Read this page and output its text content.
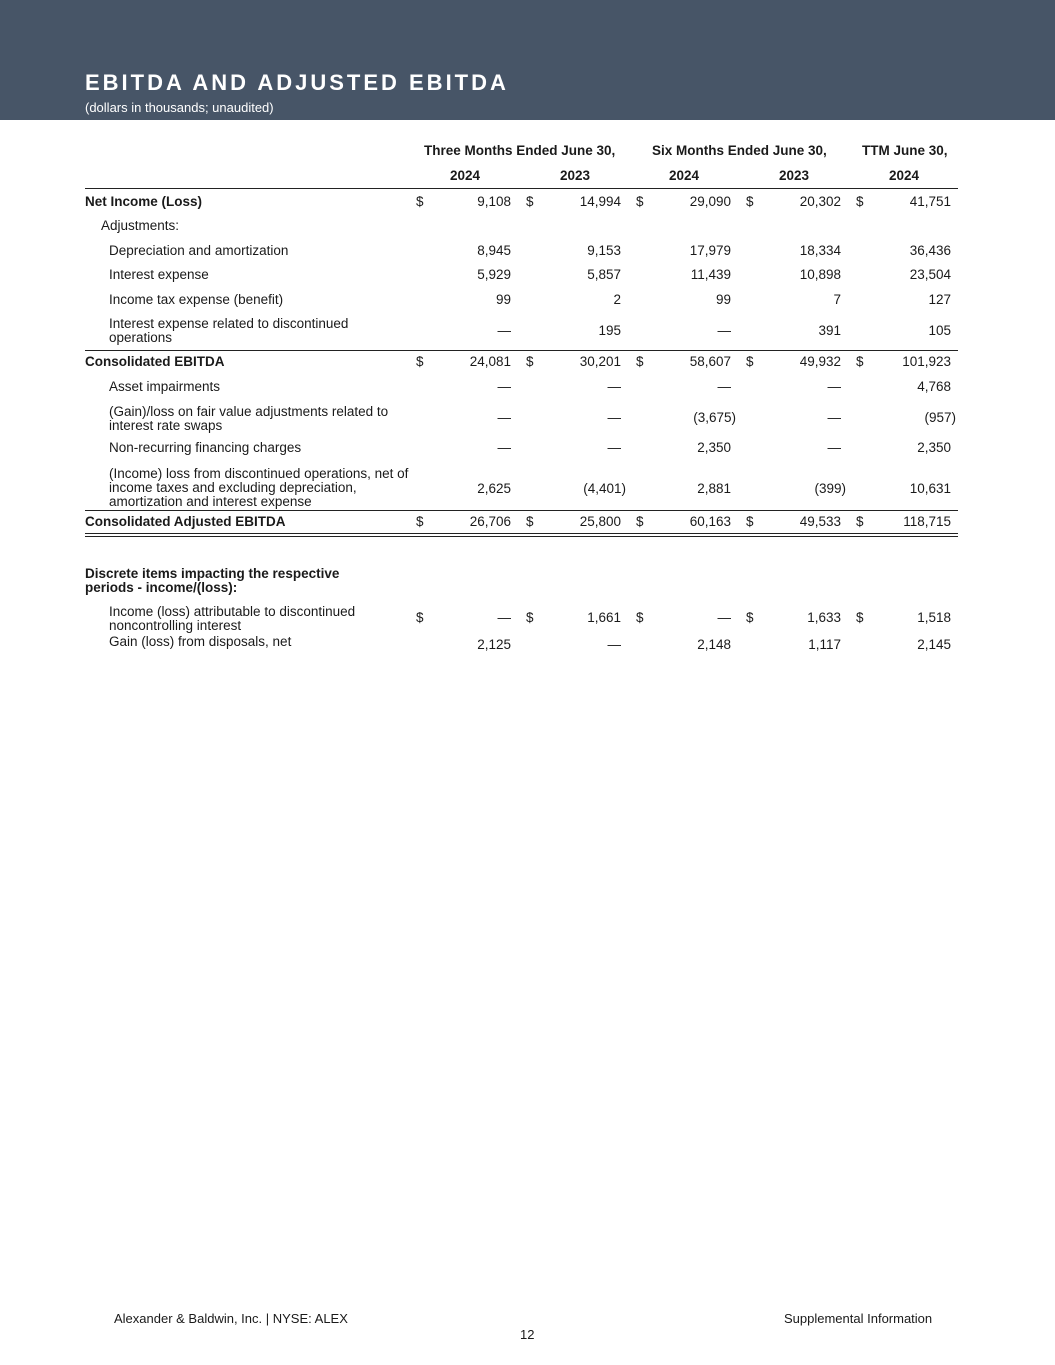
EBITDA AND ADJUSTED EBITDA
(dollars in thousands; unaudited)
Three Months Ended June 30,	Six Months Ended June 30,	TTM June 30,
2024	2023	2024	2023	2024
Net Income (Loss)	$	9,108 $	14,994 $	29,090 $	20,302 $	41,751
Adjustments:
Depreciation and amortization	8,945	9,153	17,979	18,334	36,436
Interest expense	5,929	5,857	11,439	10,898	23,504
Income tax expense (benefit)	99	2	99	7	127
Interest expense related to discontinued operations	—	195	—	391	105
Consolidated EBITDA	$	24,081 $	30,201 $	58,607 $	49,932 $	101,923
Asset impairments	—	—	—	—	4,768
(Gain)/loss on fair value adjustments related to interest rate swaps
—	—	(3,675)	—	(957)
Non-recurring financing charges	—	—	2,350	—	2,350
(Income) loss from discontinued operations, net of income taxes and excluding depreciation, amortization and interest expense
2,625	(4,401)	2,881	(399)	10,631
Consolidated Adjusted EBITDA	$	26,706 $	25,800 $	60,163 $	49,533 $	118,715
Discrete items impacting the respective periods - income/(loss):
Income (loss) attributable to discontinued noncontrolling interest
$	— $	1,661 $	— $	1,633 $	1,518
Gain (loss) from disposals, net	2,125	—	2,148	1,117	2,145
Alexander & Baldwin, Inc. | NYSE: ALEX	Supplemental Information
12
